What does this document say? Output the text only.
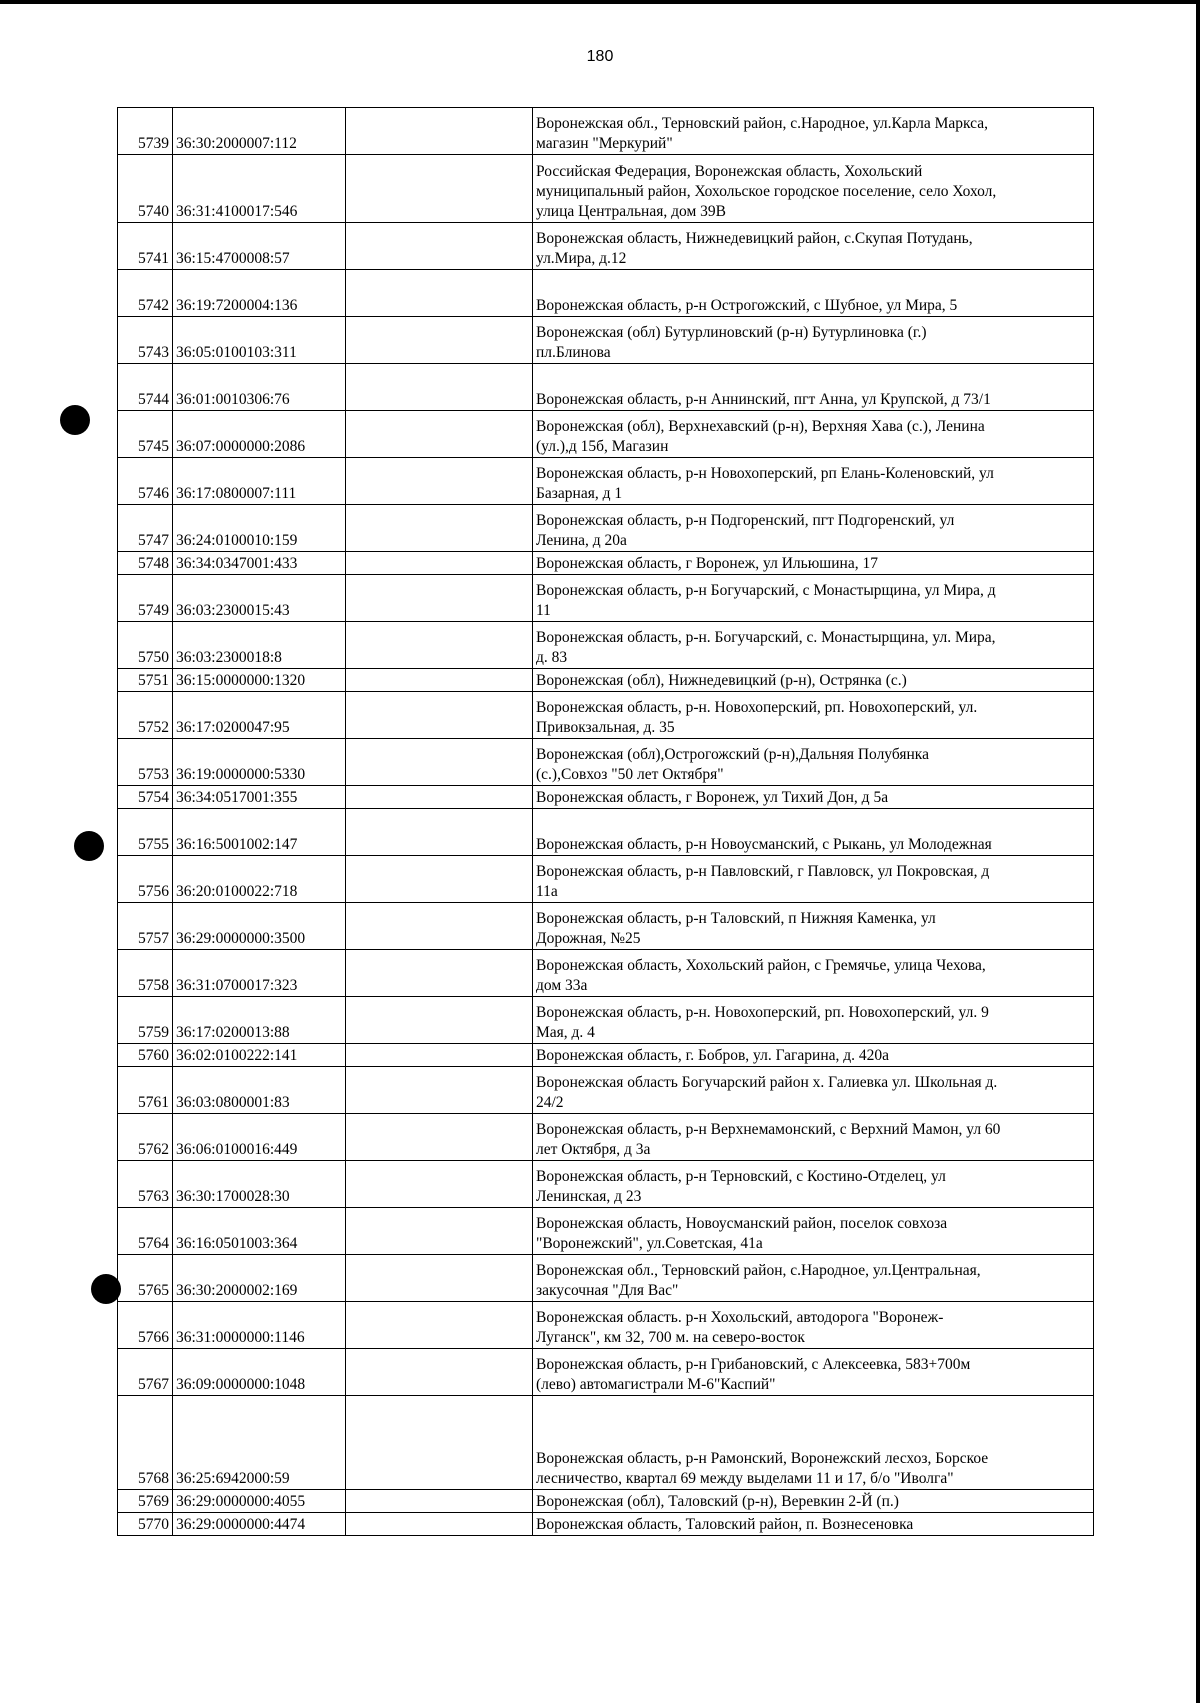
180
5739	36:30:2000007:112		Воронежская обл., Терновский район, с.Народное, ул.Карла Маркса,
магазин "Меркурий"
5740	36:31:4100017:546		Российская Федерация, Воронежская область, Хохольский
муниципальный район, Хохольское городское поселение, село Хохол,
улица Центральная, дом 39В
5741	36:15:4700008:57		Воронежская область, Нижнедевицкий район, с.Скупая Потудань,
ул.Мира, д.12
5742	36:19:7200004:136		Воронежская область, р-н Острогожский, с Шубное, ул Мира, 5
5743	36:05:0100103:311		Воронежская (обл) Бутурлиновский (р-н) Бутурлиновка (г.)
пл.Блинова
5744	36:01:0010306:76		Воронежская область, р-н Аннинский, пгт Анна, ул Крупской, д 73/1
5745	36:07:0000000:2086		Воронежская (обл), Верхнехавский (р-н), Верхняя Хава (с.), Ленина
(ул.),д 15б, Магазин
5746	36:17:0800007:111		Воронежская область, р-н Новохоперский, рп Елань-Коленовский, ул
Базарная, д 1
5747	36:24:0100010:159		Воронежская область, р-н Подгоренский, пгт Подгоренский, ул
Ленина, д 20а
5748	36:34:0347001:433		Воронежская область, г Воронеж, ул Ильюшина, 17
5749	36:03:2300015:43		Воронежская область, р-н Богучарский, с Монастырщина, ул Мира, д
11
5750	36:03:2300018:8		Воронежская область, р-н. Богучарский, с. Монастырщина, ул. Мира,
д. 83
5751	36:15:0000000:1320		Воронежская (обл), Нижнедевицкий (р-н), Острянка (с.)
5752	36:17:0200047:95		Воронежская область, р-н. Новохоперский, рп. Новохоперский, ул.
Привокзальная, д. 35
5753	36:19:0000000:5330		Воронежская (обл),Острогожский (р-н),Дальняя Полубянка
(с.),Совхоз "50 лет Октября"
5754	36:34:0517001:355		Воронежская область, г Воронеж, ул Тихий Дон, д 5а
5755	36:16:5001002:147		Воронежская область, р-н Новоусманский, с Рыкань, ул Молодежная
5756	36:20:0100022:718		Воронежская область, р-н Павловский, г Павловск, ул Покровская, д
11а
5757	36:29:0000000:3500		Воронежская область, р-н Таловский, п Нижняя Каменка, ул
Дорожная, №25
5758	36:31:0700017:323		Воронежская область, Хохольский район, с Гремячье, улица Чехова,
дом 33а
5759	36:17:0200013:88		Воронежская область, р-н. Новохоперский, рп. Новохоперский, ул. 9
Мая, д. 4
5760	36:02:0100222:141		Воронежская область, г. Бобров, ул. Гагарина, д. 420а
5761	36:03:0800001:83		Воронежская область Богучарский район х. Галиевка ул. Школьная д.
24/2
5762	36:06:0100016:449		Воронежская область, р-н Верхнемамонский, с Верхний Мамон, ул 60
лет Октября, д 3а
5763	36:30:1700028:30		Воронежская область, р-н Терновский, с Костино-Отделец, ул
Ленинская, д 23
5764	36:16:0501003:364		Воронежская область, Новоусманский район, поселок совхоза
"Воронежский", ул.Советская, 41а
5765	36:30:2000002:169		Воронежская обл., Терновский район, с.Народное, ул.Центральная,
закусочная "Для Вас"
5766	36:31:0000000:1146		Воронежская область. р-н Хохольский, автодорога "Воронеж-
Луганск", км 32, 700 м. на северо-восток
5767	36:09:0000000:1048		Воронежская область, р-н Грибановский, с Алексеевка, 583+700м
(лево) автомагистрали М-6"Каспий"
5768	36:25:6942000:59		Воронежская область, р-н Рамонский, Воронежский лесхоз, Борское
лесничество, квартал 69 между выделами 11 и 17, б/о "Иволга"
5769	36:29:0000000:4055		Воронежская (обл), Таловский (р-н), Веревкин 2-Й (п.)
5770	36:29:0000000:4474		Воронежская область, Таловский район, п. Вознесеновка
